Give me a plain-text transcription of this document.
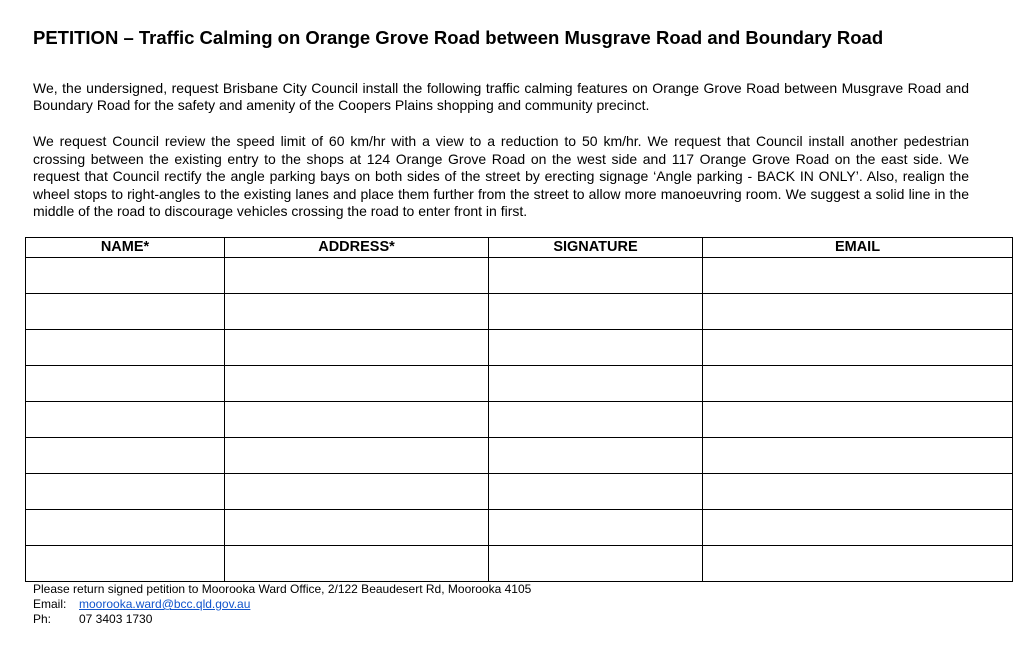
PETITION – Traffic Calming on Orange Grove Road between Musgrave Road and Boundary Road

We, the undersigned, request Brisbane City Council install the following traffic calming features on Orange Grove Road between Musgrave Road and Boundary Road for the safety and amenity of the Coopers Plains shopping and community precinct.

We request Council review the speed limit of 60 km/hr with a view to a reduction to 50 km/hr. We request that Council install another pedestrian crossing between the existing entry to the shops at 124 Orange Grove Road on the west side and 117 Orange Grove Road on the east side. We request that Council rectify the angle parking bays on both sides of the street by erecting signage ‘Angle parking - BACK IN ONLY’. Also, realign the wheel stops to right-angles to the existing lanes and place them further from the street to allow more manoeuvring room. We suggest a solid line in the middle of the road to discourage vehicles crossing the road to enter front in first.

NAME*	ADDRESS*	SIGNATURE	EMAIL

Please return signed petition to Moorooka Ward Office, 2/122 Beaudesert Rd, Moorooka 4105
Email: moorooka.ward@bcc.qld.gov.au
Ph: 07 3403 1730
